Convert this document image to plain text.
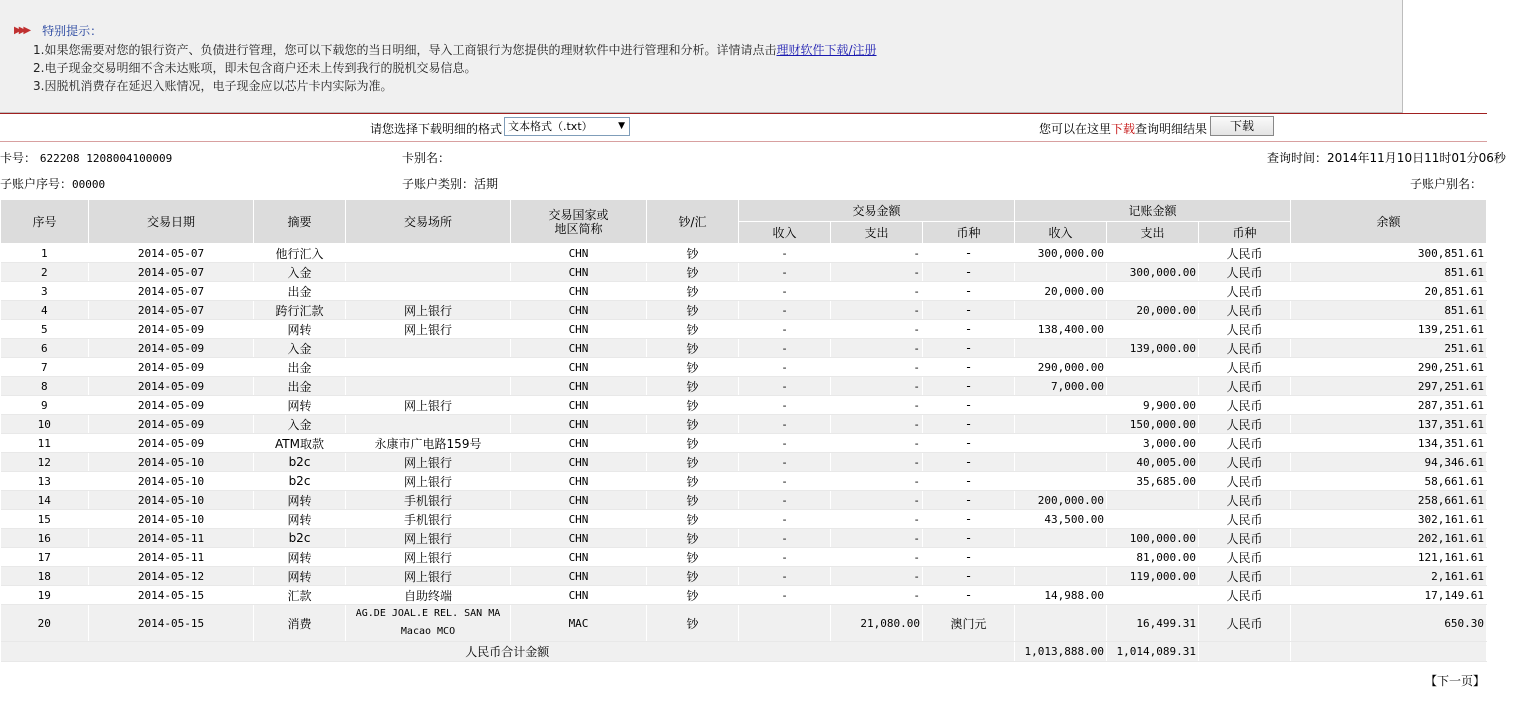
▶▶▶ 特别提示：
1.如果您需要对您的银行资产、负债进行管理，您可以下载您的当日明细，导入工商银行为您提供的理财软件中进行管理和分析。详情请点击理财软件下载/注册
2.电子现金交易明细不含未达账项，即未包含商户还未上传到我行的脱机交易信息。
3.因脱机消费存在延迟入账情况，电子现金应以芯片卡内实际为准。
请您选择下载明细的格式 文本格式（.txt）	▼	您可以在这里下载查询明细结果	下载
卡号： 622208 1208004100009	卡别名：	查询时间：2014年11月10日11时01分06秒
子账户序号：00000	子账户类别：活期	子账户别名：
序号	交易日期	摘要	交易场所	交易国家或
地区简称	钞/汇	交易金额			记账金额			余额
						收入	支出	币种	收入	支出	币种	
1	2014-05-07	他行汇入		CHN	钞	-	-	-	300,000.00		人民币	300,851.61
2	2014-05-07	入金		CHN	钞	-	-	-		300,000.00	人民币	851.61
3	2014-05-07	出金		CHN	钞	-	-	-	20,000.00		人民币	20,851.61
4	2014-05-07	跨行汇款	网上银行	CHN	钞	-	-	-		20,000.00	人民币	851.61
5	2014-05-09	网转	网上银行	CHN	钞	-	-	-	138,400.00		人民币	139,251.61
6	2014-05-09	入金		CHN	钞	-	-	-		139,000.00	人民币	251.61
7	2014-05-09	出金		CHN	钞	-	-	-	290,000.00		人民币	290,251.61
8	2014-05-09	出金		CHN	钞	-	-	-	7,000.00		人民币	297,251.61
9	2014-05-09	网转	网上银行	CHN	钞	-	-	-		9,900.00	人民币	287,351.61
10	2014-05-09	入金		CHN	钞	-	-	-		150,000.00	人民币	137,351.61
11	2014-05-09	ATM取款	永康市广电路159号	CHN	钞	-	-	-		3,000.00	人民币	134,351.61
12	2014-05-10	b2c	网上银行	CHN	钞	-	-	-		40,005.00	人民币	94,346.61
13	2014-05-10	b2c	网上银行	CHN	钞	-	-	-		35,685.00	人民币	58,661.61
14	2014-05-10	网转	手机银行	CHN	钞	-	-	-	200,000.00		人民币	258,661.61
15	2014-05-10	网转	手机银行	CHN	钞	-	-	-	43,500.00		人民币	302,161.61
16	2014-05-11	b2c	网上银行	CHN	钞	-	-	-		100,000.00	人民币	202,161.61
17	2014-05-11	网转	网上银行	CHN	钞	-	-	-		81,000.00	人民币	121,161.61
18	2014-05-12	网转	网上银行	CHN	钞	-	-	-		119,000.00	人民币	2,161.61
19	2014-05-15	汇款	自助终端	CHN	钞	-	-	-	14,988.00		人民币	17,149.61
20	2014-05-15	消费	AG.DE JOAL.E REL. SAN MA Macao MCO	MAC	钞		21,080.00	澳门元		16,499.31	人民币	650.30
人民币合计金额									1,013,888.00	1,014,089.31		
【下一页】
